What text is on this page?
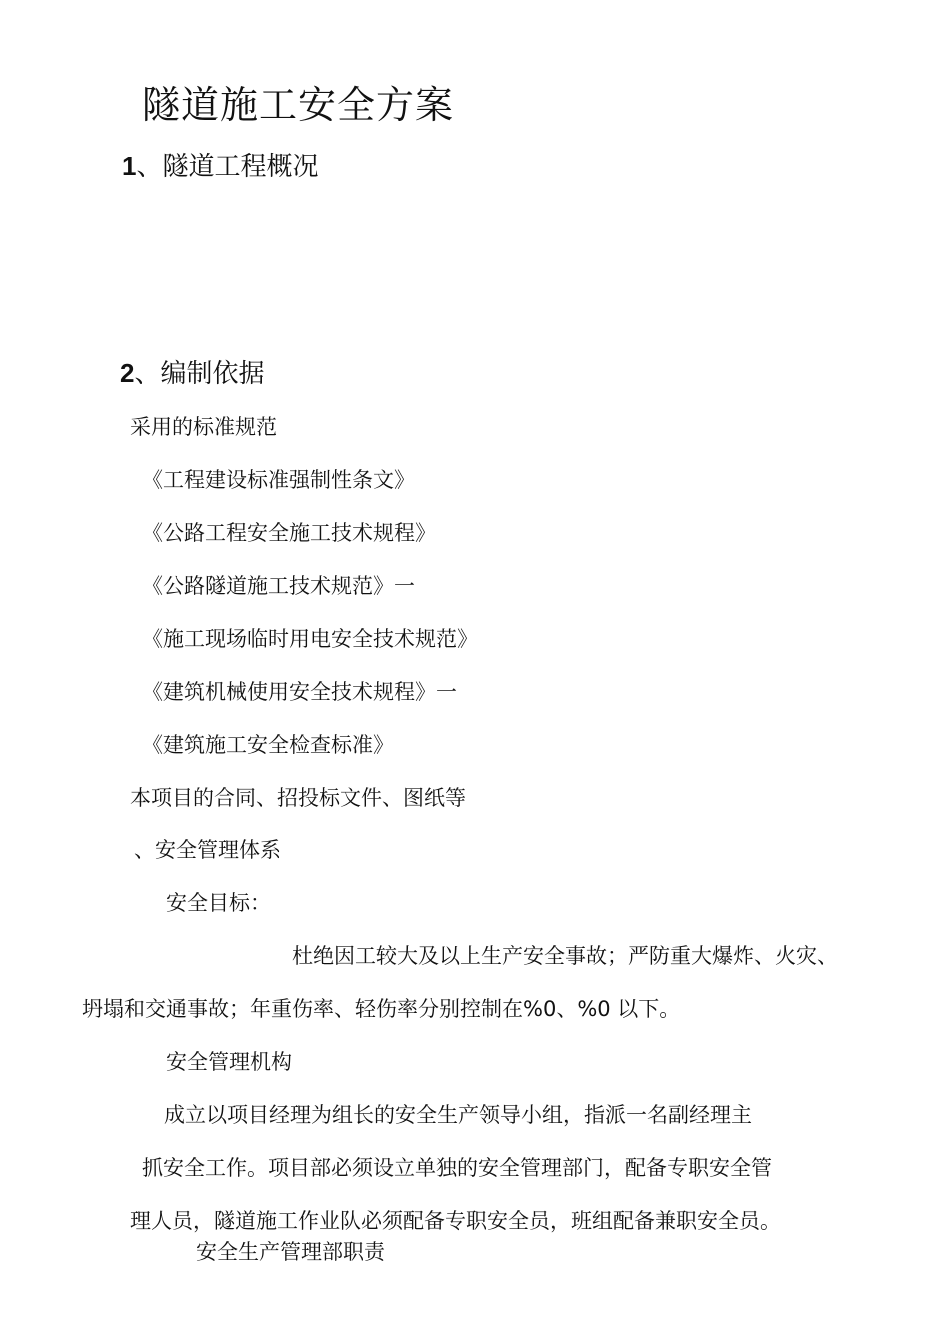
隧道施工安全方案
1、隧道工程概况
2、编制依据

采用的标准规范

《工程建设标准强制性条文》

《公路工程安全施工技术规程》

《公路隧道施工技术规范》一

《施工现场临时用电安全技术规范》

《建筑机械使用安全技术规程》一

《建筑施工安全检查标准》

本项目的合同、招投标文件、图纸等

、安全管理体系

安全目标：

杜绝因工较大及以上生产安全事故；严防重大爆炸、火灾、

坍塌和交通事故；年重伤率、轻伤率分别控制在%0、%0 以下。

安全管理机构

成立以项目经理为组长的安全生产领导小组，指派一名副经理主

抓安全工作。项目部必须设立单独的安全管理部门，配备专职安全管

理人员，隧道施工作业队必须配备专职安全员，班组配备兼职安全员。

安全生产管理部职责
